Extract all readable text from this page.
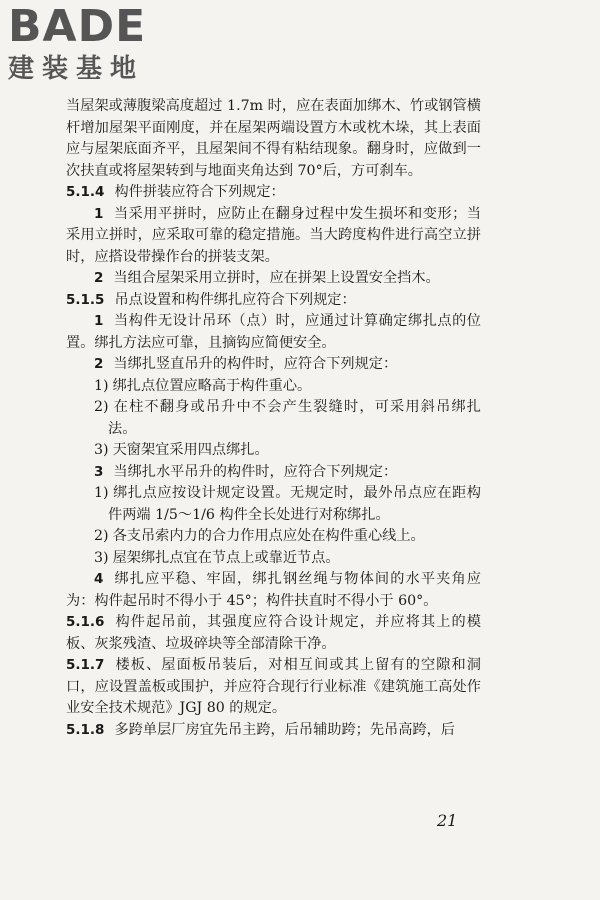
BADE
建装基地

当屋架或薄腹梁高度超过 1.7m 时，应在表面加绑木、竹或钢管横杆增加屋架平面刚度，并在屋架两端设置方木或枕木垛，其上表面应与屋架底面齐平，且屋架间不得有粘结现象。翻身时，应做到一次扶直或将屋架转到与地面夹角达到 70°后，方可刹车。

5.1.4 构件拼装应符合下列规定：

1 当采用平拼时，应防止在翻身过程中发生损坏和变形；当采用立拼时，应采取可靠的稳定措施。当大跨度构件进行高空立拼时，应搭设带操作台的拼装支架。

2 当组合屋架采用立拼时，应在拼架上设置安全挡木。

5.1.5 吊点设置和构件绑扎应符合下列规定：

1 当构件无设计吊环（点）时，应通过计算确定绑扎点的位置。绑扎方法应可靠，且摘钩应简便安全。

2 当绑扎竖直吊升的构件时，应符合下列规定：

1) 绑扎点位置应略高于构件重心。

2) 在柱不翻身或吊升中不会产生裂缝时，可采用斜吊绑扎法。

3) 天窗架宜采用四点绑扎。

3 当绑扎水平吊升的构件时，应符合下列规定：

1) 绑扎点应按设计规定设置。无规定时，最外吊点应在距构件两端 1/5～1/6 构件全长处进行对称绑扎。

2) 各支吊索内力的合力作用点应处在构件重心线上。

3) 屋架绑扎点宜在节点上或靠近节点。

4 绑扎应平稳、牢固，绑扎钢丝绳与物体间的水平夹角应为：构件起吊时不得小于 45°；构件扶直时不得小于 60°。

5.1.6 构件起吊前，其强度应符合设计规定，并应将其上的模板、灰浆残渣、垃圾碎块等全部清除干净。

5.1.7 楼板、屋面板吊装后，对相互间或其上留有的空隙和洞口，应设置盖板或围护，并应符合现行行业标准《建筑施工高处作业安全技术规范》JGJ 80 的规定。

5.1.8 多跨单层厂房宜先吊主跨，后吊辅助跨；先吊高跨，后

21
